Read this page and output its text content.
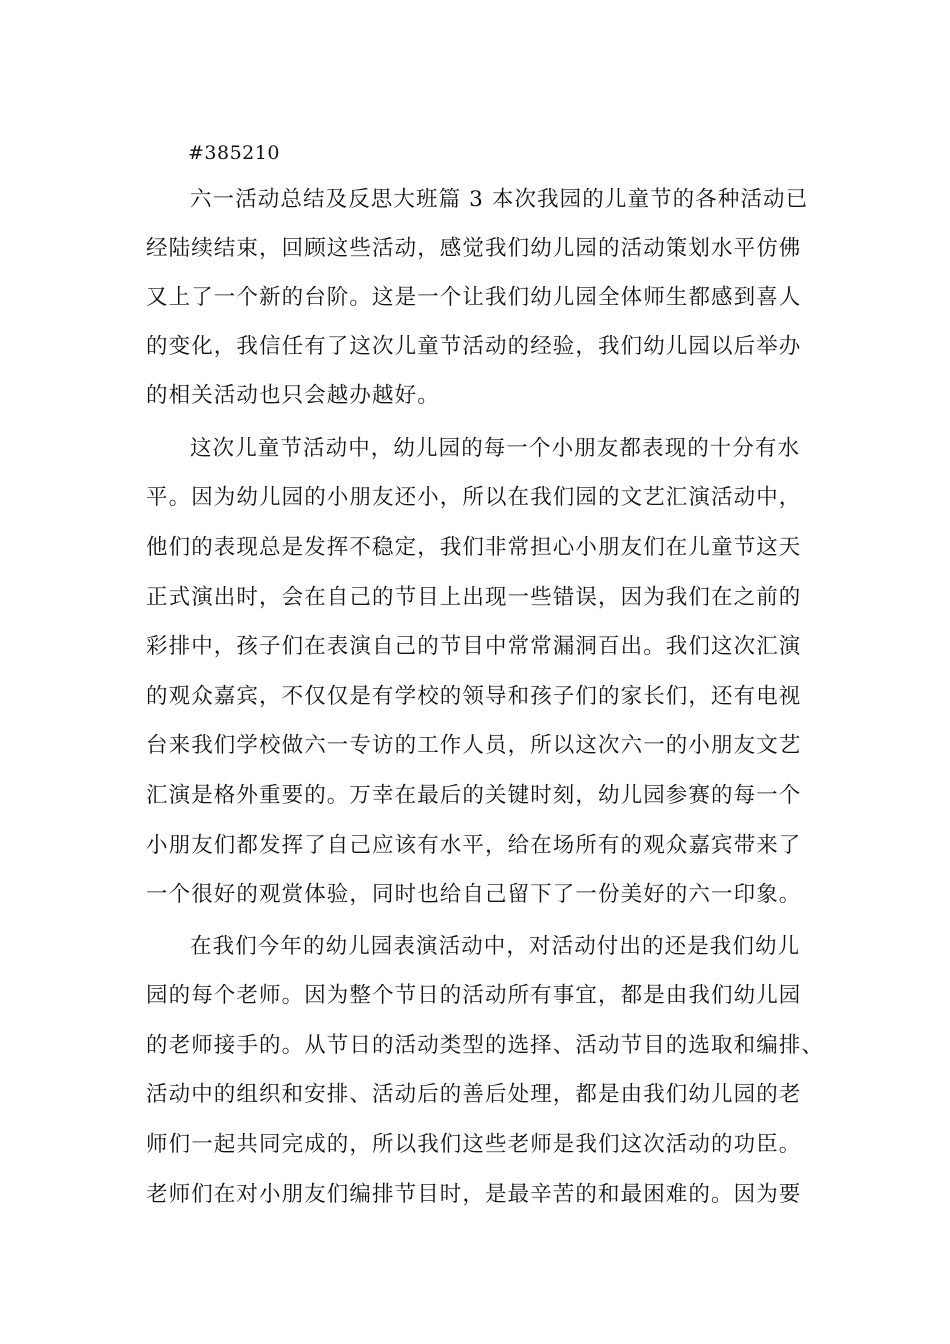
#385210
六一活动总结及反思大班篇 3 本次我园的儿童节的各种活动已
经陆续结束，回顾这些活动，感觉我们幼儿园的活动策划水平仿佛
又上了一个新的台阶。这是一个让我们幼儿园全体师生都感到喜人
的变化，我信任有了这次儿童节活动的经验，我们幼儿园以后举办
的相关活动也只会越办越好。
这次儿童节活动中，幼儿园的每一个小朋友都表现的十分有水
平。因为幼儿园的小朋友还小，所以在我们园的文艺汇演活动中，
他们的表现总是发挥不稳定，我们非常担心小朋友们在儿童节这天
正式演出时，会在自己的节目上出现一些错误，因为我们在之前的
彩排中，孩子们在表演自己的节目中常常漏洞百出。我们这次汇演
的观众嘉宾，不仅仅是有学校的领导和孩子们的家长们，还有电视
台来我们学校做六一专访的工作人员，所以这次六一的小朋友文艺
汇演是格外重要的。万幸在最后的关键时刻，幼儿园参赛的每一个
小朋友们都发挥了自己应该有水平，给在场所有的观众嘉宾带来了
一个很好的观赏体验，同时也给自己留下了一份美好的六一印象。
在我们今年的幼儿园表演活动中，对活动付出的还是我们幼儿
园的每个老师。因为整个节日的活动所有事宜，都是由我们幼儿园
的老师接手的。从节日的活动类型的选择、活动节目的选取和编排、
活动中的组织和安排、活动后的善后处理，都是由我们幼儿园的老
师们一起共同完成的，所以我们这些老师是我们这次活动的功臣。
老师们在对小朋友们编排节目时，是最辛苦的和最困难的。因为要
